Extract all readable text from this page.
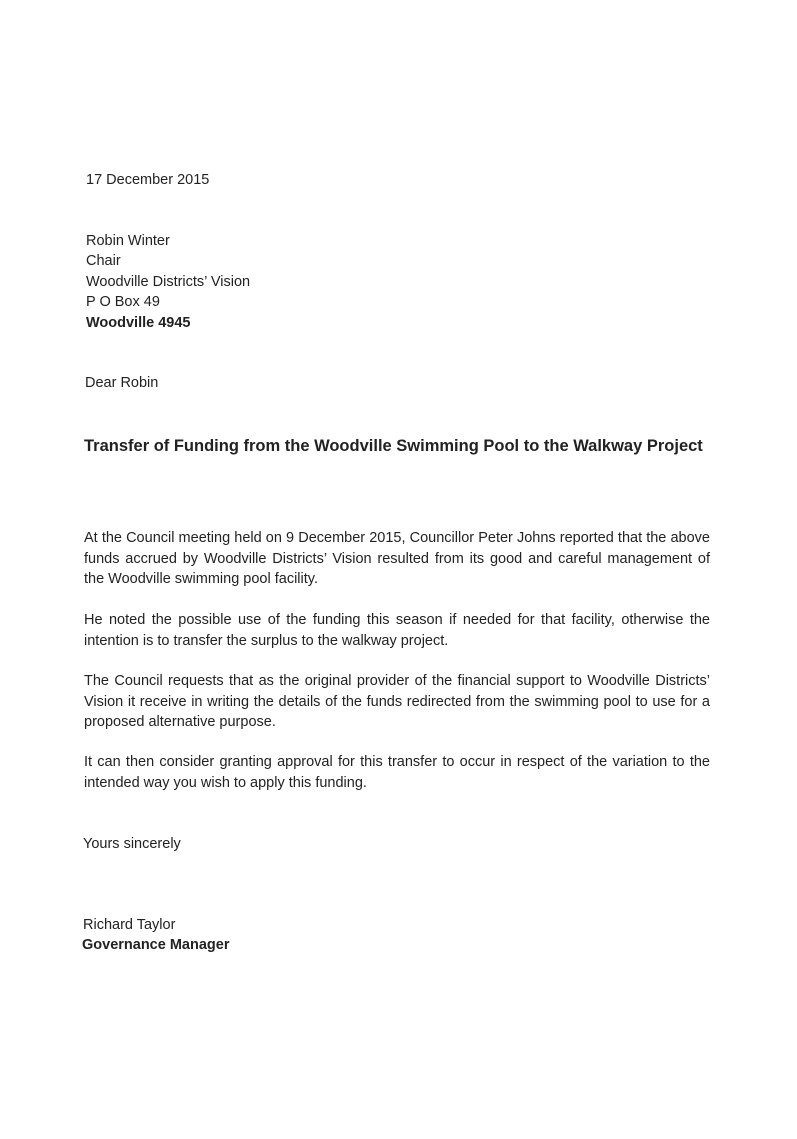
17 December 2015
Robin Winter
Chair
Woodville Districts’ Vision
P O Box 49
Woodville 4945
Dear Robin
Transfer of Funding from the Woodville Swimming Pool to the Walkway Project
At the Council meeting held on 9 December 2015, Councillor Peter Johns reported that the above funds accrued by Woodville Districts’ Vision resulted from its good and careful management of the Woodville swimming pool facility.
He noted the possible use of the funding this season if needed for that facility, otherwise the intention is to transfer the surplus to the walkway project.
The Council requests that as the original provider of the financial support to Woodville Districts’ Vision it receive in writing the details of the funds redirected from the swimming pool to use for a proposed alternative purpose.
It can then consider granting approval for this transfer to occur in respect of the variation to the intended way you wish to apply this funding.
Yours sincerely
Richard Taylor
Governance Manager
